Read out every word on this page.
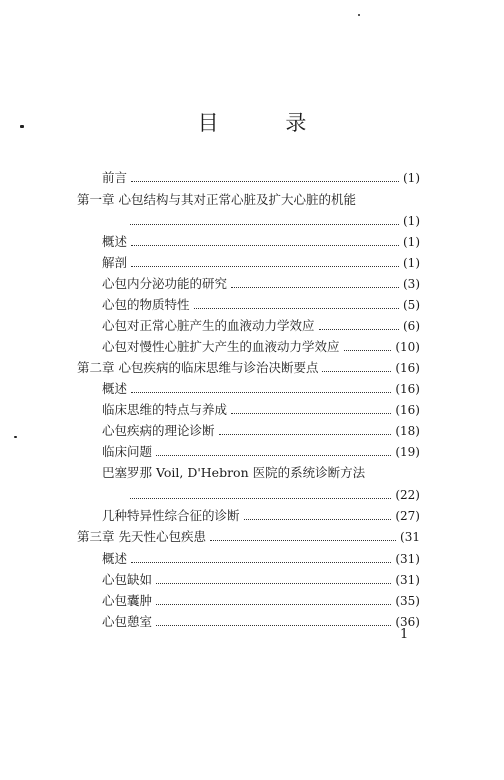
目 录
前言	(1)
第一章 心包结构与其对正常心脏及扩大心脏的机能
(1)
概述	(1)
解剖	(1)
心包内分泌功能的研究	(3)
心包的物质特性	(5)
心包对正常心脏产生的血液动力学效应	(6)
心包对慢性心脏扩大产生的血液动力学效应	(10)
第二章 心包疾病的临床思维与诊治决断要点	(16)
概述	(16)
临床思维的特点与养成	(16)
心包疾病的理论诊断	(18)
临床问题	(19)
巴塞罗那 Voil, D'Hebron 医院的系统诊断方法
(22)
几种特异性综合征的诊断	(27)
第三章 先天性心包疾患	(31
概述	(31)
心包缺如	(31)
心包囊肿	(35)
心包憩室	(36)
1
